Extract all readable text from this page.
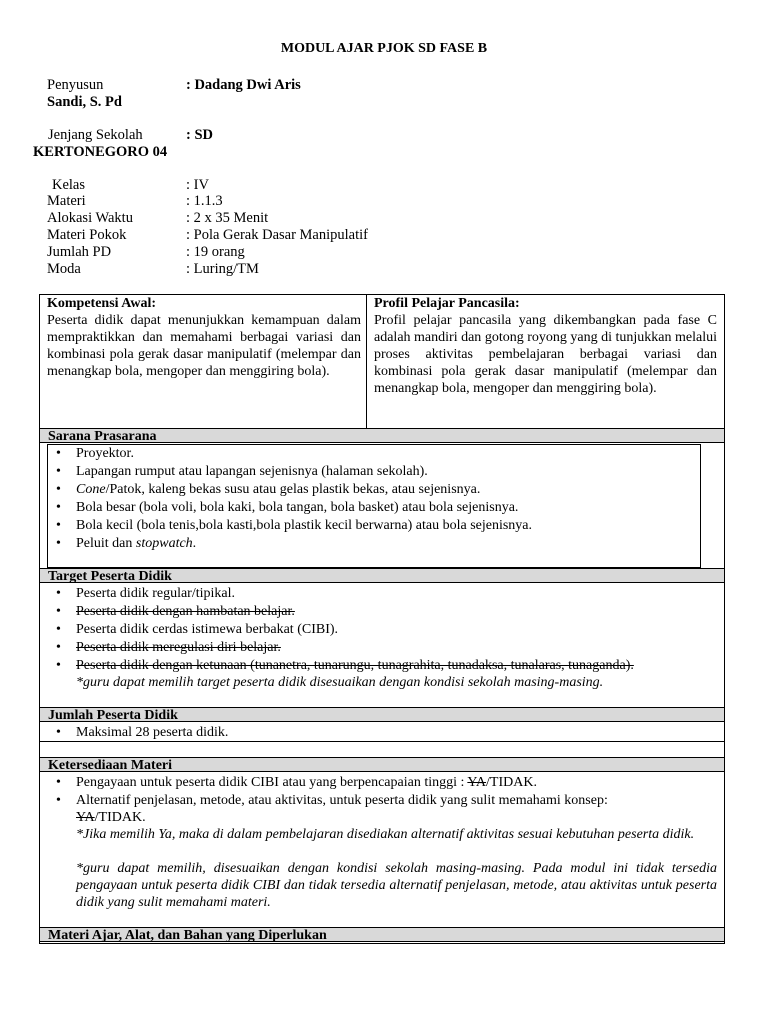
MODUL AJAR PJOK SD FASE B
Penyusun	: Dadang Dwi Aris
Sandi, S. Pd
Jenjang Sekolah	: SD
KERTONEGORO 04
Kelas	: IV
Materi	: 1.1.3
Alokasi Waktu	: 2 x 35 Menit
Materi Pokok	: Pola Gerak Dasar Manipulatif
Jumlah PD	: 19 orang
Moda	: Luring/TM
Kompetensi Awal:
Peserta didik dapat menunjukkan kemampuan dalam mempraktikkan dan memahami berbagai variasi dan kombinasi pola gerak dasar manipulatif (melempar dan menangkap bola, mengoper dan menggiring bola).
Profil Pelajar Pancasila:
Profil pelajar pancasila yang dikembangkan pada fase C adalah mandiri dan gotong royong yang di tunjukkan melalui proses aktivitas pembelajaran berbagai variasi dan kombinasi pola gerak dasar manipulatif (melempar dan menangkap bola, mengoper dan menggiring bola).
Sarana Prasarana
• Proyektor.
• Lapangan rumput atau lapangan sejenisnya (halaman sekolah).
• Cone/Patok, kaleng bekas susu atau gelas plastik bekas, atau sejenisnya.
• Bola besar (bola voli, bola kaki, bola tangan, bola basket) atau bola sejenisnya.
• Bola kecil (bola tenis,bola kasti,bola plastik kecil berwarna) atau bola sejenisnya.
• Peluit dan stopwatch.
Target Peserta Didik
• Peserta didik regular/tipikal.
• Peserta didik dengan hambatan belajar.
• Peserta didik cerdas istimewa berbakat (CIBI).
• Peserta didik meregulasi diri belajar.
• Peserta didik dengan ketunaan (tunanetra, tunarungu, tunagrahita, tunadaksa, tunalaras, tunaganda).
*guru dapat memilih target peserta didik disesuaikan dengan kondisi sekolah masing-masing.
Jumlah Peserta Didik
• Maksimal 28 peserta didik.
Ketersediaan Materi
• Pengayaan untuk peserta didik CIBI atau yang berpencapaian tinggi : YA/TIDAK.
• Alternatif penjelasan, metode, atau aktivitas, untuk peserta didik yang sulit memahami konsep:
YA/TIDAK.
*Jika memilih Ya, maka di dalam pembelajaran disediakan alternatif aktivitas sesuai kebutuhan peserta didik.
*guru dapat memilih, disesuaikan dengan kondisi sekolah masing-masing. Pada modul ini tidak tersedia pengayaan untuk peserta didik CIBI dan tidak tersedia alternatif penjelasan, metode, atau aktivitas untuk peserta didik yang sulit memahami materi.
Materi Ajar, Alat, dan Bahan yang Diperlukan
